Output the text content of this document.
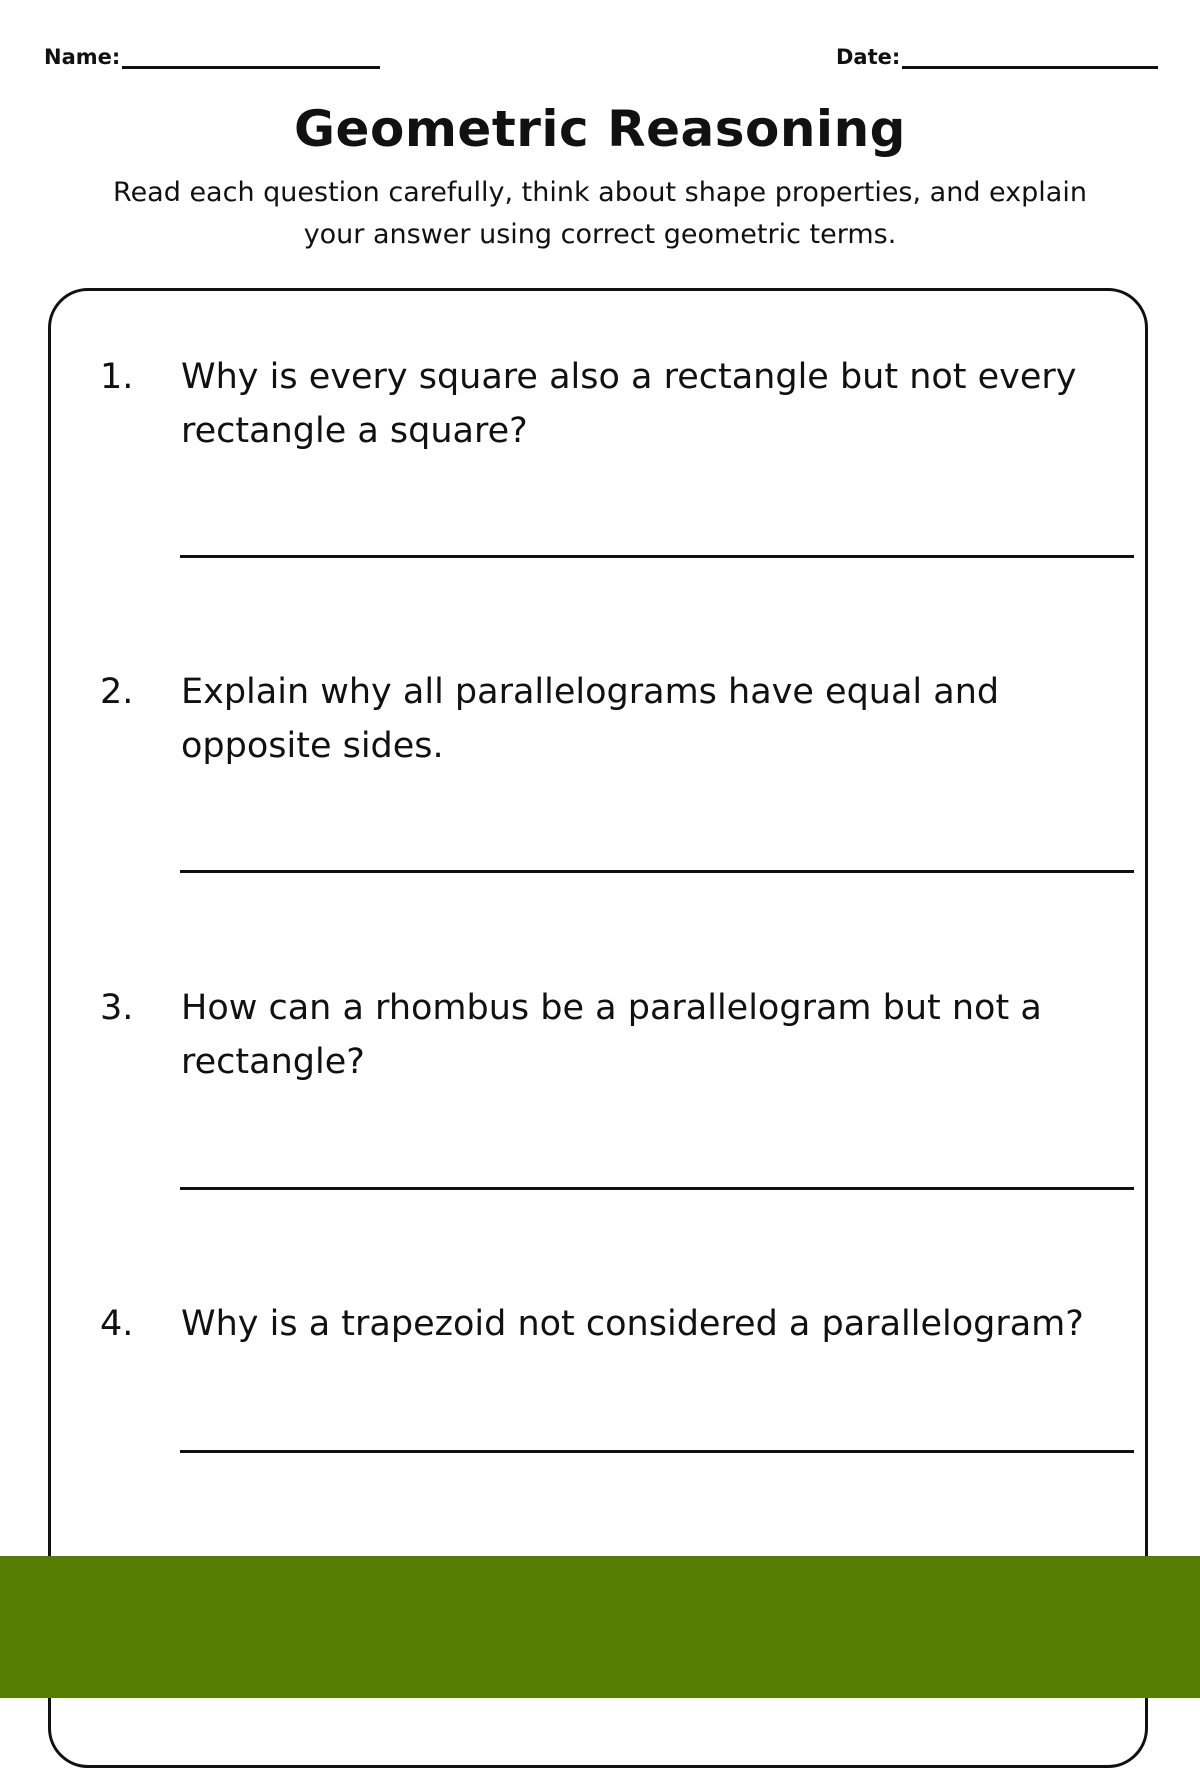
Name:	Date:
Geometric Reasoning
Read each question carefully, think about shape properties, and explain your answer using correct geometric terms.
1. Why is every square also a rectangle but not every rectangle a square?
2. Explain why all parallelograms have equal and opposite sides.
3. How can a rhombus be a parallelogram but not a rectangle?
4. Why is a trapezoid not considered a parallelogram?
